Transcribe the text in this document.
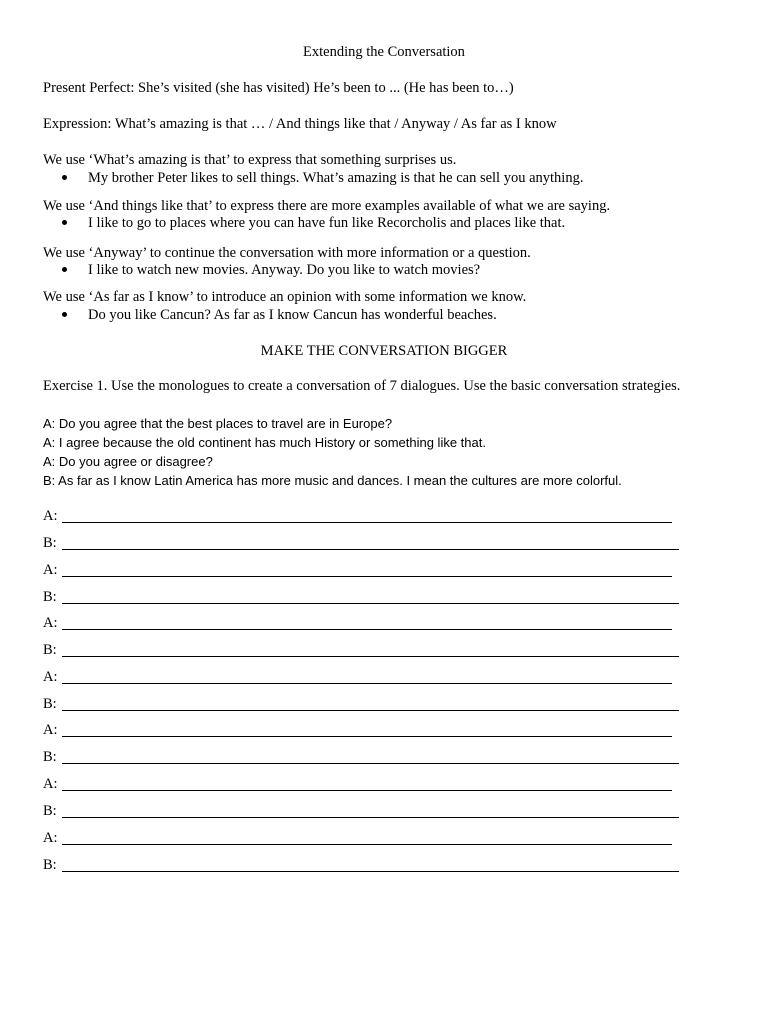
Extending the Conversation
Present Perfect: She’s visited (she has visited) He’s been to ... (He has been to…)
Expression: What’s amazing is that … / And things like that / Anyway / As far as I know
We use ‘What’s amazing is that’ to express that something surprises us.
My brother Peter likes to sell things. What’s amazing is that he can sell you anything.
We use ‘And things like that’ to express there are more examples available of what we are saying.
I like to go to places where you can have fun like Recorcholis and places like that.
We use ‘Anyway’ to continue the conversation with more information or a question.
I like to watch new movies. Anyway. Do you like to watch movies?
We use ‘As far as I know’ to introduce an opinion with some information we know.
Do you like Cancun? As far as I know Cancun has wonderful beaches.
MAKE THE CONVERSATION BIGGER
Exercise 1. Use the monologues to create a conversation of 7 dialogues. Use the basic conversation strategies.
A: Do you agree that the best places to travel are in Europe?
A: I agree because the old continent has much History or something like that.
A: Do you agree or disagree?
B: As far as I know Latin America has more music and dances. I mean the cultures are more colorful.
A:
B:
A:
B:
A:
B:
A:
B:
A:
B:
A:
B:
A:
B:
